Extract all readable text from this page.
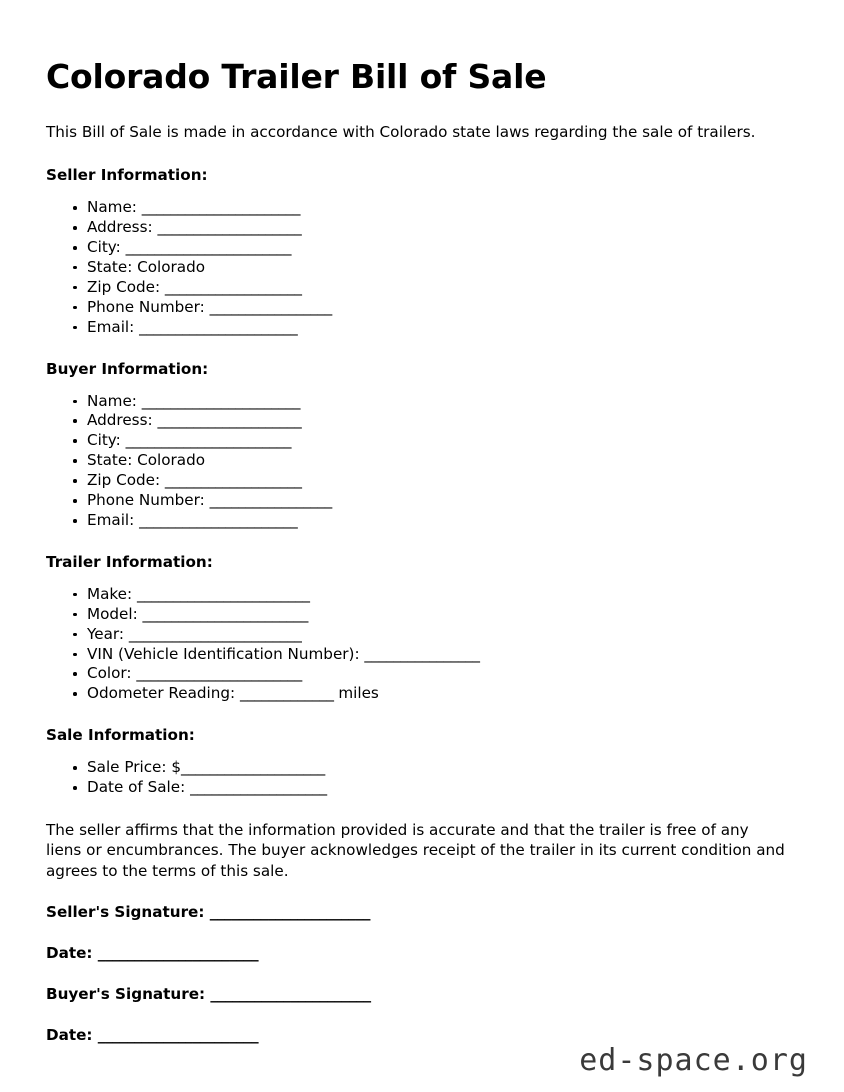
Colorado Trailer Bill of Sale

This Bill of Sale is made in accordance with Colorado state laws regarding the sale of trailers.

Seller Information:
Name: ______________________
Address: ____________________
City: _______________________
State: Colorado
Zip Code: ___________________
Phone Number: _________________
Email: ______________________
Buyer Information:
Name: ______________________
Address: ____________________
City: _______________________
State: Colorado
Zip Code: ___________________
Phone Number: _________________
Email: ______________________
Trailer Information:
Make: ________________________
Model: _______________________
Year: ________________________
VIN (Vehicle Identification Number): ________________
Color: _______________________
Odometer Reading: _____________ miles
Sale Information:
Sale Price: $____________________
Date of Sale: ___________________

The seller affirms that the information provided is accurate and that the trailer is free of any liens or encumbrances. The buyer acknowledges receipt of the trailer in its current condition and agrees to the terms of this sale.

Seller's Signature: ______________________

Date: ______________________

Buyer's Signature: ______________________

Date: ______________________

ed-space.org
